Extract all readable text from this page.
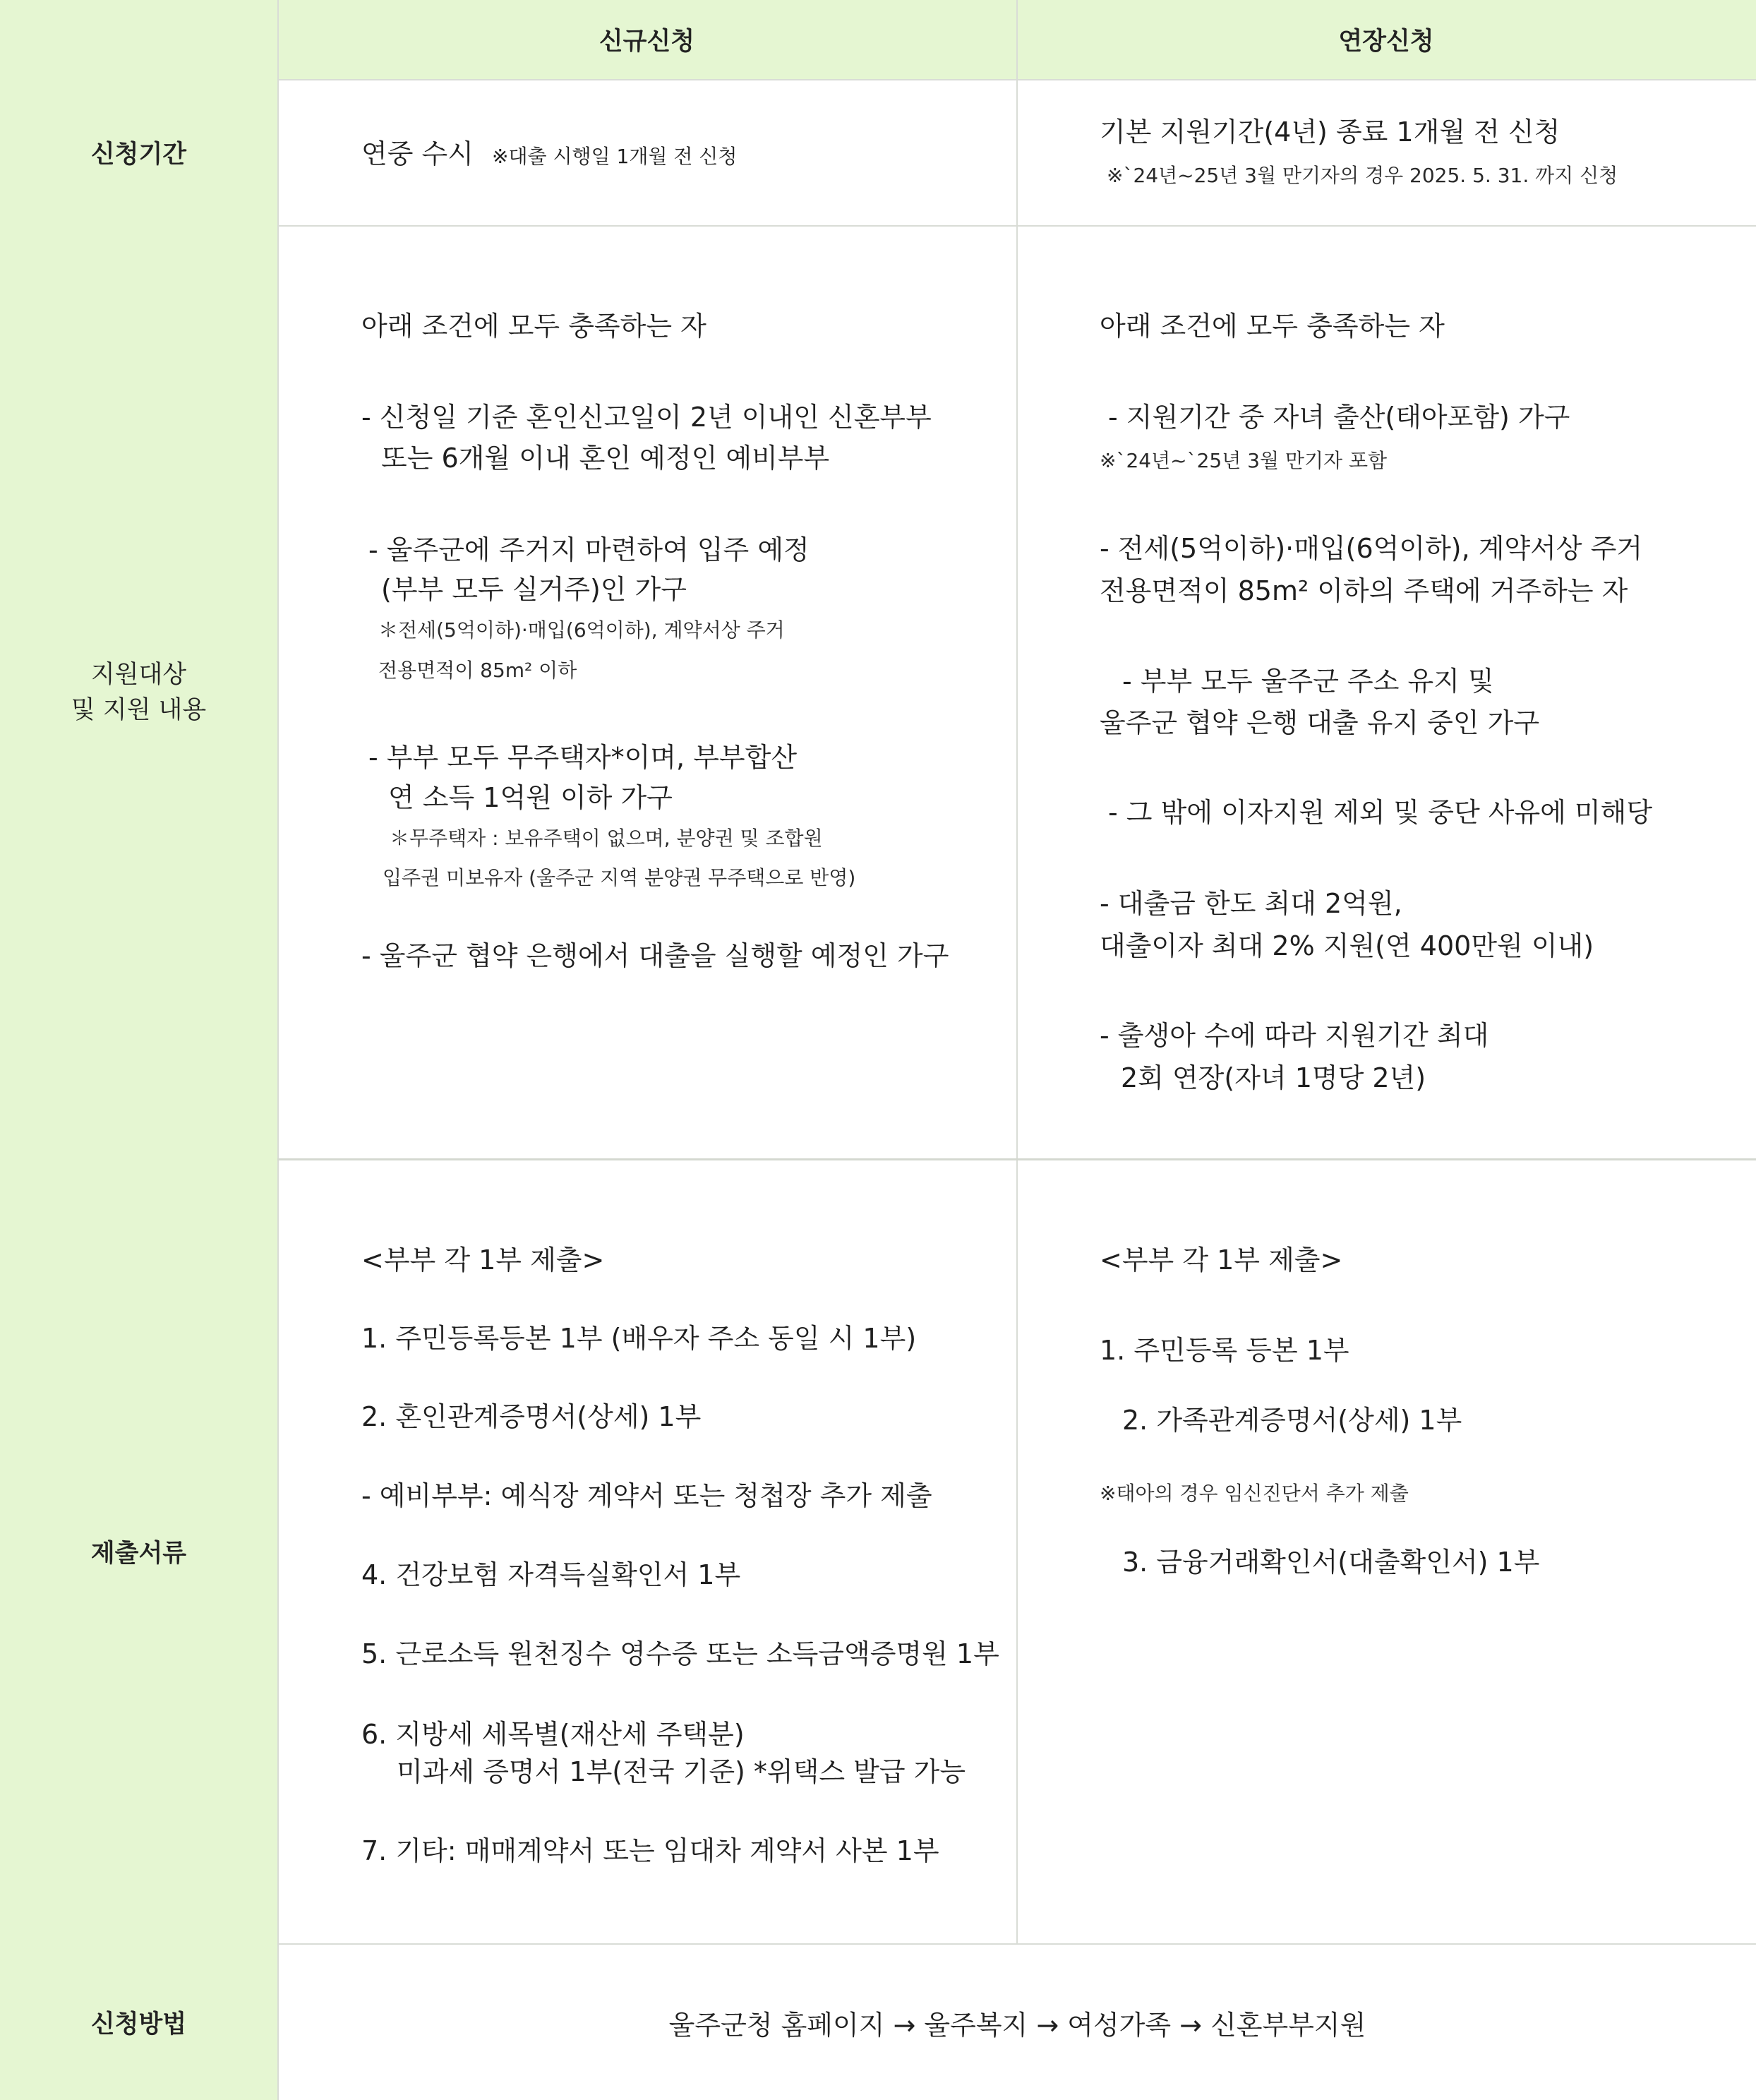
신규신청	연장신청
신청기간
지원대상
및 지원 내용
제출서류
신청방법
연중 수시 ※대출 시행일 1개월 전 신청
기본 지원기간(4년) 종료 1개월 전 신청
※`24년~25년 3월 만기자의 경우 2025. 5. 31. 까지 신청
아래 조건에 모두 충족하는 자
- 신청일 기준 혼인신고일이 2년 이내인 신혼부부
또는 6개월 이내 혼인 예정인 예비부부
- 울주군에 주거지 마련하여 입주 예정
(부부 모두 실거주)인 가구
＊전세(5억이하)·매입(6억이하), 계약서상 주거
전용면적이 85m² 이하
- 부부 모두 무주택자*이며, 부부합산
연 소득 1억원 이하 가구
＊무주택자 : 보유주택이 없으며, 분양권 및 조합원
입주권 미보유자 (울주군 지역 분양권 무주택으로 반영)
- 울주군 협약 은행에서 대출을 실행할 예정인 가구
아래 조건에 모두 충족하는 자
- 지원기간 중 자녀 출산(태아포함) 가구
※`24년~`25년 3월 만기자 포함
- 전세(5억이하)·매입(6억이하), 계약서상 주거
전용면적이 85m² 이하의 주택에 거주하는 자
- 부부 모두 울주군 주소 유지 및
울주군 협약 은행 대출 유지 중인 가구
- 그 밖에 이자지원 제외 및 중단 사유에 미해당
- 대출금 한도 최대 2억원,
대출이자 최대 2% 지원(연 400만원 이내)
- 출생아 수에 따라 지원기간 최대
2회 연장(자녀 1명당 2년)
<부부 각 1부 제출>
1. 주민등록등본 1부 (배우자 주소 동일 시 1부)
2. 혼인관계증명서(상세) 1부
- 예비부부: 예식장 계약서 또는 청첩장 추가 제출
4. 건강보험 자격득실확인서 1부
5. 근로소득 원천징수 영수증 또는 소득금액증명원 1부
6. 지방세 세목별(재산세 주택분)
미과세 증명서 1부(전국 기준) *위택스 발급 가능
7. 기타: 매매계약서 또는 임대차 계약서 사본 1부
<부부 각 1부 제출>
1. 주민등록 등본 1부
2. 가족관계증명서(상세) 1부
※태아의 경우 임신진단서 추가 제출
3. 금융거래확인서(대출확인서) 1부
울주군청 홈페이지 → 울주복지 → 여성가족 → 신혼부부지원
